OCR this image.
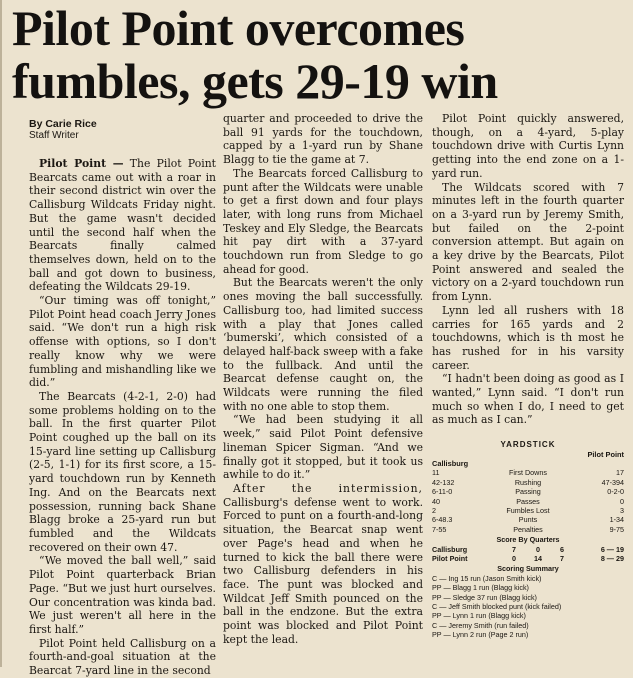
Pilot Point overcomes
fumbles, gets 29-19 win
By Carie Rice
Staff Writer

Pilot Point — The Pilot Point Bearcats came out with a roar in their second district win over the Callisburg Wildcats Friday night. But the game wasn't decided until the second half when the Bearcats finally calmed themselves down, held on to the ball and got down to business, defeating the Wildcats 29-19.

“Our timing was off tonight,” Pilot Point head coach Jerry Jones said. “We don't run a high risk offense with options, so I don't really know why we were fumbling and mishandling like we did.”

The Bearcats (4-2-1, 2-0) had some problems holding on to the ball. In the first quarter Pilot Point coughed up the ball on its 15-yard line setting up Callisburg (2-5, 1-1) for its first score, a 15-yard touchdown run by Kenneth Ing. And on the Bearcats next possession, running back Shane Blagg broke a 25-yard run but fumbled and the Wildcats recovered on their own 47.

“We moved the ball well,” said Pilot Point quarterback Brian Page. “But we just hurt ourselves. Our concentration was kinda bad. We just weren't all here in the first half.”

Pilot Point held Callisburg on a fourth-and-goal situation at the Bearcat 7-yard line in the second

quarter and proceeded to drive the ball 91 yards for the touchdown, capped by a 1-yard run by Shane Blagg to tie the game at 7.

The Bearcats forced Callisburg to punt after the Wildcats were unable to get a first down and four plays later, with long runs from Michael Teskey and Ely Sledge, the Bearcats hit pay dirt with a 37-yard touchdown run from Sledge to go ahead for good.

But the Bearcats weren't the only ones moving the ball successfully. Callisburg too, had limited success with a play that Jones called ‘bumerski’, which consisted of a delayed half-back sweep with a fake to the fullback. And until the Bearcat defense caught on, the Wildcats were running the filed with no one able to stop them.

“We had been studying it all week,” said Pilot Point defensive lineman Spicer Sigman. “And we finally got it stopped, but it took us awhile to do it.”

After the intermission, Callisburg's defense went to work. Forced to punt on a fourth-and-long situation, the Bearcat snap went over Page's head and when he turned to kick the ball there were two Callisburg defenders in his face. The punt was blocked and Wildcat Jeff Smith pounced on the ball in the endzone. But the extra point was blocked and Pilot Point kept the lead.

Pilot Point quickly answered, though, on a 4-yard, 5-play touchdown drive with Curtis Lynn getting into the end zone on a 1-yard run.

The Wildcats scored with 7 minutes left in the fourth quarter on a 3-yard run by Jeremy Smith, but failed on the 2-point conversion attempt. But again on a key drive by the Bearcats, Pilot Point answered and sealed the victory on a 2-yard touchdown run from Lynn.

Lynn led all rushers with 18 carries for 165 yards and 2 touchdowns, which is th most he has rushed for in his varsity career.

“I hadn't been doing as good as I wanted,” Lynn said. “I don't run much so when I do, I need to get as much as I can.”

YARDSTICK
Callisburg
Pilot Point
11	First Downs	17
42-132	Rushing	47-394
6-11-0	Passing	0-2-0
40	Passes	0
2	Fumbles Lost	3
6-48.3	Punts	1-34
7-55	Penalties	9-75
Score By Quarters
Callisburg	7	0	6	6 — 19
Pilot Point	0	14	7	8 — 29
Scoring Summary
C — Ing 15 run (Jason Smith kick)
PP — Blagg 1 run (Blagg kick)
PP — Sledge 37 run (Blagg kick)
C — Jeff Smith blocked punt (kick failed)
PP — Lynn 1 run (Blagg kick)
C — Jeremy Smith (run failed)
PP — Lynn 2 run (Page 2 run)
